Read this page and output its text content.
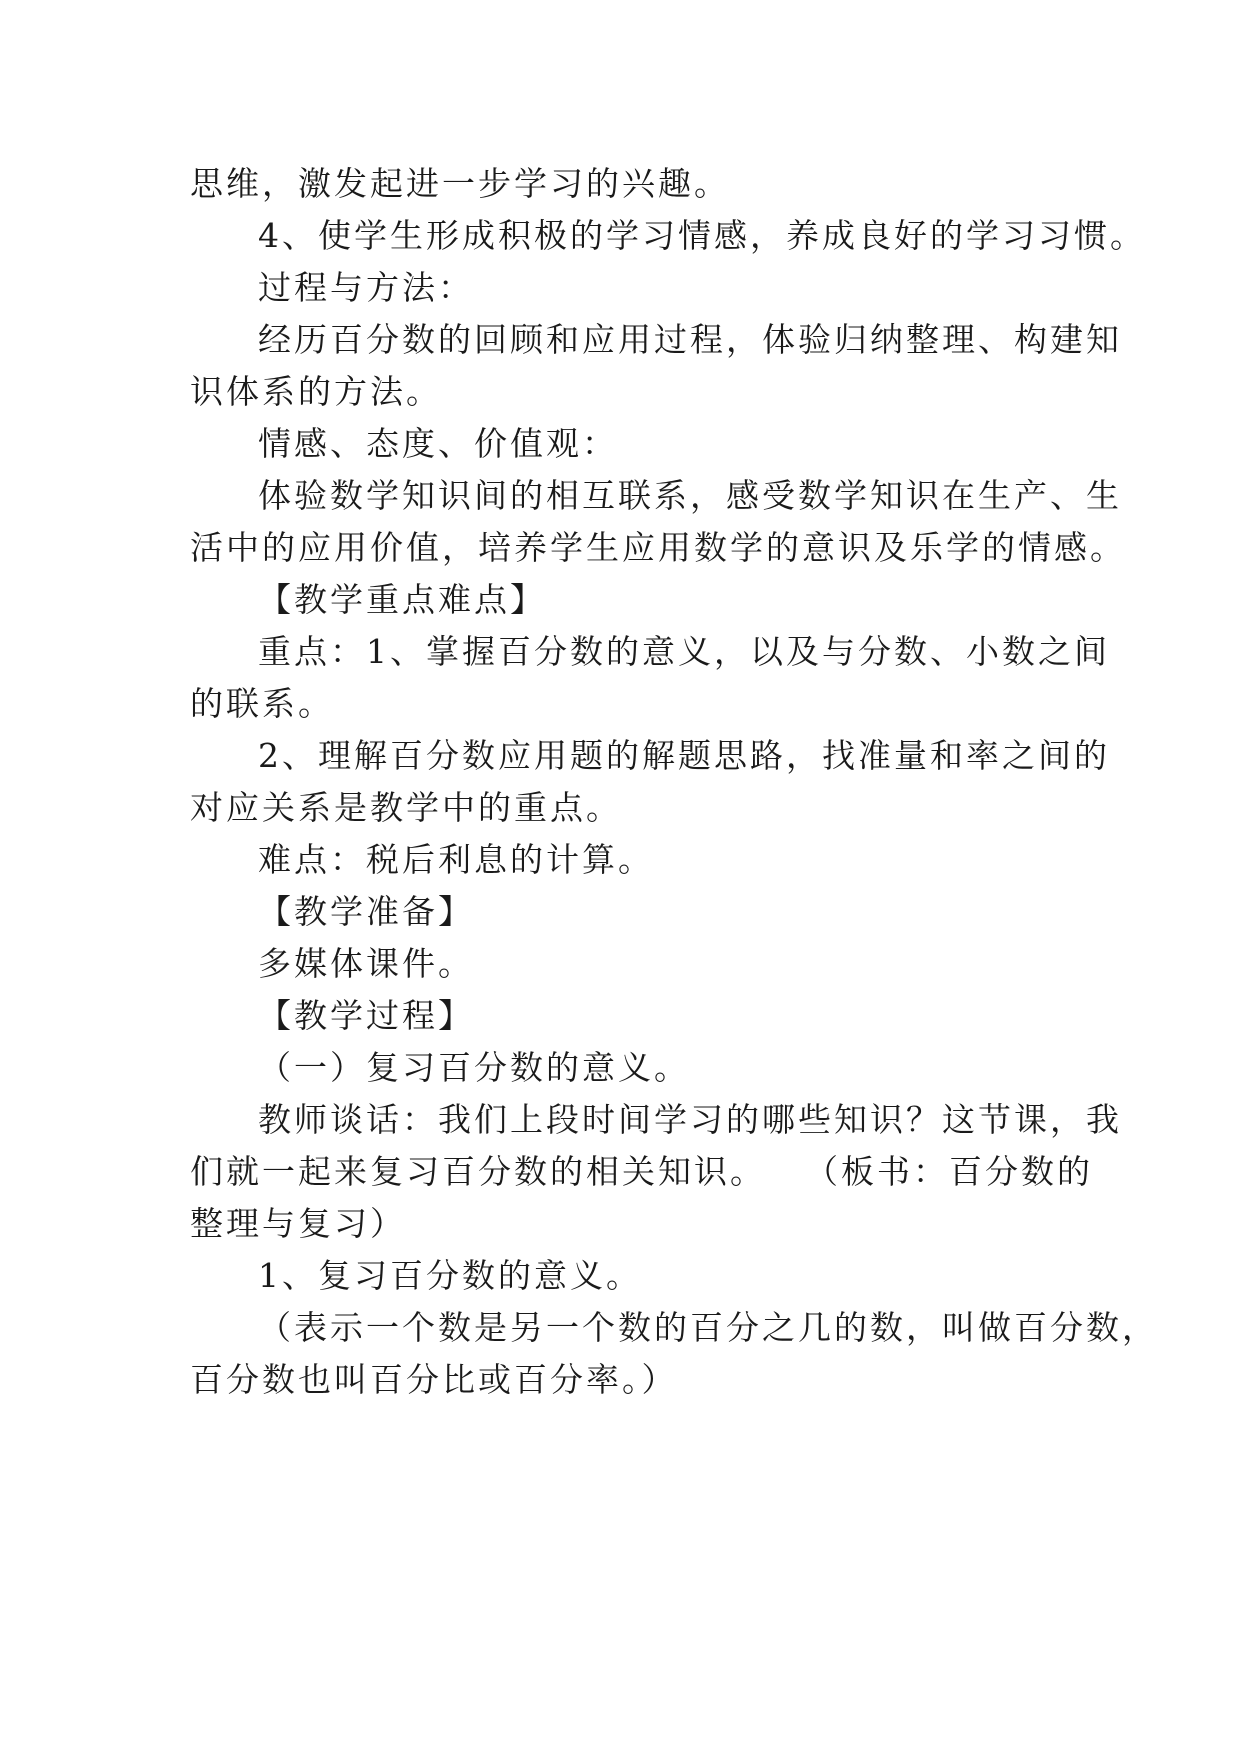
思维，激发起进一步学习的兴趣。
4、使学生形成积极的学习情感，养成良好的学习习惯。
过程与方法：
经历百分数的回顾和应用过程，体验归纳整理、构建知
识体系的方法。
情感、态度、价值观：
体验数学知识间的相互联系，感受数学知识在生产、生
活中的应用价值，培养学生应用数学的意识及乐学的情感。
【教学重点难点】
重点：1、掌握百分数的意义，以及与分数、小数之间
的联系。
2、理解百分数应用题的解题思路，找准量和率之间的
对应关系是教学中的重点。
难点：税后利息的计算。
【教学准备】
多媒体课件。
【教学过程】
（一）复习百分数的意义。
教师谈话：我们上段时间学习的哪些知识？这节课，我
们就一起来复习百分数的相关知识。　　（板书：百分数的
整理与复习）
1、复习百分数的意义。
（表示一个数是另一个数的百分之几的数，叫做百分数，
百分数也叫百分比或百分率。）
